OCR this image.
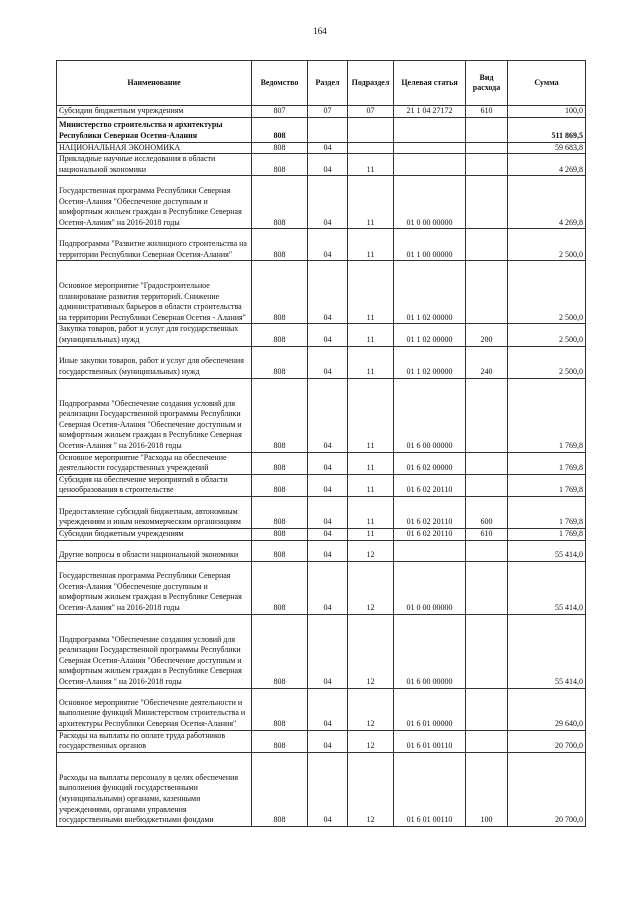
164
Наименование	Ведомство	Раздел	Подраздел	Целевая статья	Вид расхода	Сумма
Субсидии бюджетным учреждениям	807	07	07	21 1 04 27172	610	100,0
Министерство строительства и архитектуры Республики Северная Осетия-Алания	808					511 869,5
НАЦИОНАЛЬНАЯ ЭКОНОМИКА	808	04				59 683,8
Прикладные научные исследования в области национальной экономики	808	04	11			4 269,8
Государственная программа Республики Северная Осетия-Алания "Обеспечение доступным и комфортным жильем граждан в Республике Северная Осетия-Алания" на 2016-2018 годы	808	04	11	01 0 00 00000		4 269,8
Подпрограмма "Развитие жилищного строительства на территории Республики Северная Осетия-Алания"	808	04	11	01 1 00 00000		2 500,0
Основное мероприятие "Градостроительное планирование развития территорий. Снижение административных барьеров в области строительства на территории Республики Северная Осетия - Алания"	808	04	11	01 1 02 00000		2 500,0
Закупка товаров, работ и услуг для государственных (муниципальных) нужд	808	04	11	01 1 02 00000	200	2 500,0
Иные закупки товаров, работ и услуг для обеспечения государственных (муниципальных) нужд	808	04	11	01 1 02 00000	240	2 500,0
Подпрограмма "Обеспечение создания условий для реализации Государственной программы Республики Северная Осетия-Алания "Обеспечение доступным и комфортным жильем граждан в Республике Северная Осетия-Алания " на 2016-2018 годы	808	04	11	01 6 00 00000		1 769,8
Основное мероприятие "Расходы на обеспечение деятельности государственных учреждений	808	04	11	01 6 02 00000		1 769,8
Субсидия на обеспечение мероприятий в области ценообразования в строительстве	808	04	11	01 6 02 20110		1 769,8
Предоставление субсидий бюджетным, автономным учреждениям и иным некоммерческим организациям	808	04	11	01 6 02 20110	600	1 769,8
Субсидии бюджетным учреждениям	808	04	11	01 6 02 20110	610	1 769,8
Другие вопросы в области национальной экономики	808	04	12			55 414,0
Государственная программа Республики Северная Осетия-Алания "Обеспечение доступным и комфортным жильем граждан в Республике Северная Осетия-Алания" на 2016-2018 годы	808	04	12	01 0 00 00000		55 414,0
Подпрограмма "Обеспечение создания условий для реализации Государственной программы Республики Северная Осетия-Алания "Обеспечение доступным и комфортным жильем граждан в Республике Северная Осетия-Алания " на 2016-2018 годы	808	04	12	01 6 00 00000		55 414,0
Основное мероприятие "Обеспечение деятельности и выполнение функций Министерством строительства и архитектуры Республики Северная Осетия-Алания"	808	04	12	01 6 01 00000		29 640,0
Расходы на выплаты по оплате труда работников государственных органов	808	04	12	01 6 01 00110		20 700,0
Расходы на выплаты персоналу в целях обеспечения выполнения функций государственными (муниципальными) органами, казенными учреждениями, органами управления государственными внебюджетными фондами	808	04	12	01 6 01 00110	100	20 700,0
